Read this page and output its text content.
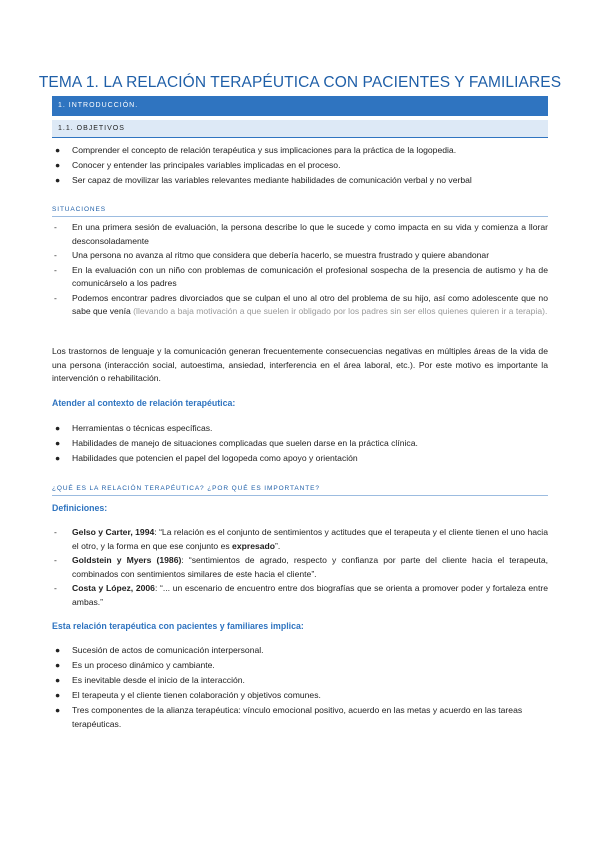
TEMA 1. LA RELACIÓN TERAPÉUTICA CON PACIENTES Y FAMILIARES
1. INTRODUCCIÓN.
1.1. OBJETIVOS
● Comprender el concepto de relación terapéutica y sus implicaciones para la práctica de la logopedia.
● Conocer y entender las principales variables implicadas en el proceso.
● Ser capaz de movilizar las variables relevantes mediante habilidades de comunicación verbal y no verbal
SITUACIONES
- En una primera sesión de evaluación, la persona describe lo que le sucede y como impacta en su vida y comienza a llorar desconsoladamente
- Una persona no avanza al ritmo que considera que debería hacerlo, se muestra frustrado y quiere abandonar
- En la evaluación con un niño con problemas de comunicación el profesional sospecha de la presencia de autismo y ha de comunicárselo a los padres
- Podemos encontrar padres divorciados que se culpan el uno al otro del problema de su hijo, así como adolescente que no sabe que venía (llevando a baja motivación a que suelen ir obligado por los padres sin ser ellos quienes quieren ir a terapia).
Los trastornos de lenguaje y la comunicación generan frecuentemente consecuencias negativas en múltiples áreas de la vida de una persona (interacción social, autoestima, ansiedad, interferencia en el área laboral, etc.). Por este motivo es importante la intervención o rehabilitación.
Atender al contexto de relación terapéutica:
● Herramientas o técnicas específicas.
● Habilidades de manejo de situaciones complicadas que suelen darse en la práctica clínica.
● Habilidades que potencien el papel del logopeda como apoyo y orientación
¿QUÉ ES LA RELACIÓN TERAPÉUTICA? ¿POR QUÉ ES IMPORTANTE?
Definiciones:
- Gelso y Carter, 1994: “La relación es el conjunto de sentimientos y actitudes que el terapeuta y el cliente tienen el uno hacia el otro, y la forma en que ese conjunto es expresado”.
- Goldstein y Myers (1986): “sentimientos de agrado, respecto y confianza por parte del cliente hacia el terapeuta, combinados con sentimientos similares de este hacia el cliente”.
- Costa y López, 2006: “... un escenario de encuentro entre dos biografías que se orienta a promover poder y fortaleza entre ambas.”
Esta relación terapéutica con pacientes y familiares implica:
● Sucesión de actos de comunicación interpersonal.
● Es un proceso dinámico y cambiante.
● Es inevitable desde el inicio de la interacción.
● El terapeuta y el cliente tienen colaboración y objetivos comunes.
● Tres componentes de la alianza terapéutica: vínculo emocional positivo, acuerdo en las metas y acuerdo en las tareas terapéuticas.
